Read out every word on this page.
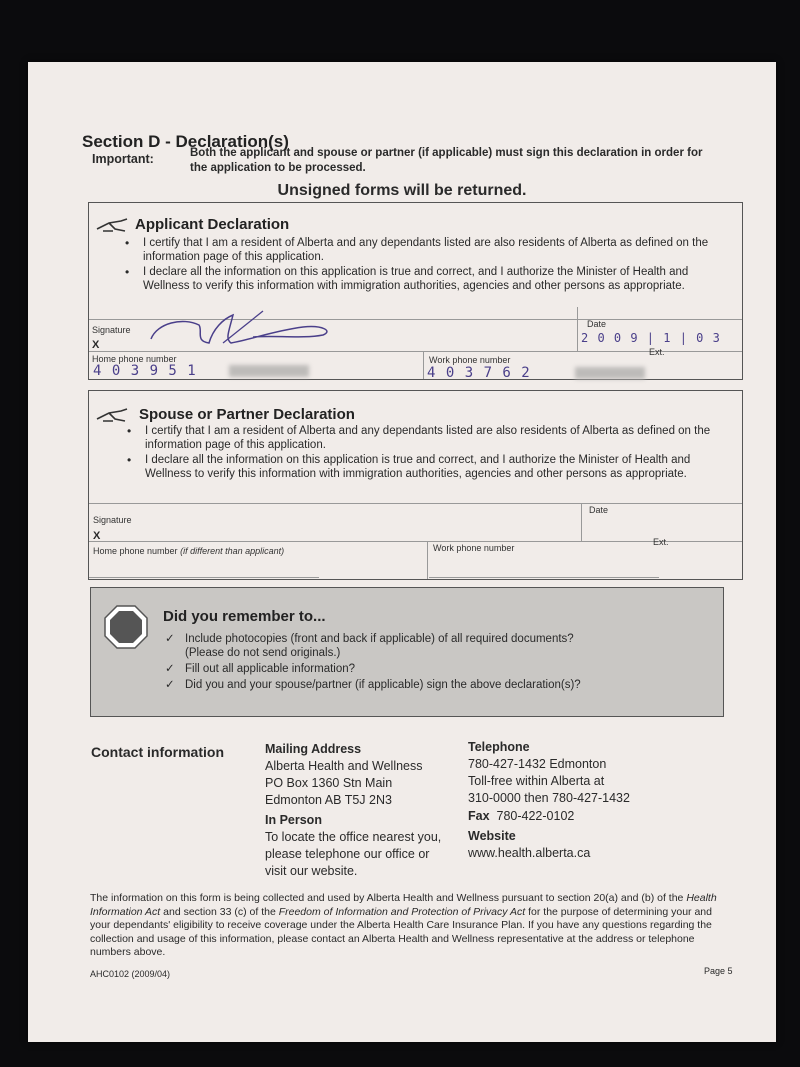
Section D - Declaration(s)
Important:	Both the applicant and spouse or partner (if applicable) must sign this declaration in order for the application to be processed.
Unsigned forms will be returned.
Applicant Declaration
• I certify that I am a resident of Alberta and any dependants listed are also residents of Alberta as defined on the information page of this application.
• I declare all the information on this application is true and correct, and I authorize the Minister of Health and Wellness to verify this information with immigration authorities, agencies and other persons as appropriate.
Signature
X
Date
2 0 0 9 | 1 | 0 3
Ext.
Home phone number
4 0 3 9 5 1
Work phone number
4 0 3 7 6 2
Spouse or Partner Declaration
• I certify that I am a resident of Alberta and any dependants listed are also residents of Alberta as defined on the information page of this application.
• I declare all the information on this application is true and correct, and I authorize the Minister of Health and Wellness to verify this information with immigration authorities, agencies and other persons as appropriate.
Signature
X
Date
Ext.
Home phone number (if different than applicant)	Work phone number
Did you remember to...
✓ Include photocopies (front and back if applicable) of all required documents?
(Please do not send originals.)
✓ Fill out all applicable information?
✓ Did you and your spouse/partner (if applicable) sign the above declaration(s)?
Contact information	Mailing Address
Alberta Health and Wellness
PO Box 1360 Stn Main
Edmonton AB T5J 2N3
In Person
To locate the office nearest you,
please telephone our office or
visit our website.
Telephone
780-427-1432 Edmonton
Toll-free within Alberta at
310-0000 then 780-427-1432
Fax 780-422-0102
Website
www.health.alberta.ca
The information on this form is being collected and used by Alberta Health and Wellness pursuant to section 20(a) and (b) of the Health Information Act and section 33 (c) of the Freedom of Information and Protection of Privacy Act for the purpose of determining your and your dependants' eligibility to receive coverage under the Alberta Health Care Insurance Plan. If you have any questions regarding the collection and usage of this information, please contact an Alberta Health and Wellness representative at the address or telephone numbers above.
AHC0102 (2009/04)	Page 5
